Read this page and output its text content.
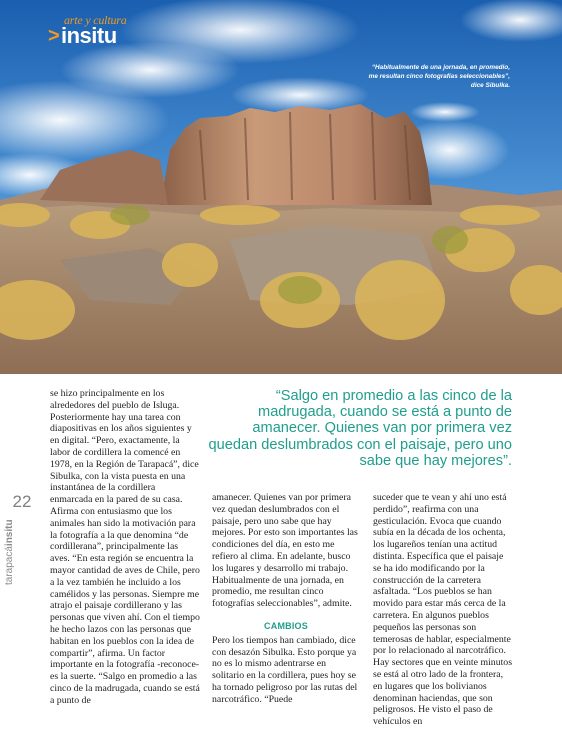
>
arte y cultura
insitu
“Habitualmente de una jornada, en promedio, me resultan cinco fotografías seleccionables”, dice Sibulka.
22
tarapacáinsitu

se hizo principalmente en los alrededores del pueblo de Isluga. Posteriormente hay una tarea con diapositivas en los años siguientes y en digital. “Pero, exactamente, la labor de cordillera la comencé en 1978, en la Región de Tarapacá”, dice Sibulka, con la vista puesta en una instantánea de la cordillera enmarcada en la pared de su casa. Afirma con entusiasmo que los animales han sido la motivación para la fotografía a la que denomina “de cordillerana”, principalmente las aves. “En esta región se encuentra la mayor cantidad de aves de Chile, pero a la vez también he incluido a los camélidos y las personas. Siempre me atrajo el paisaje cordillerano y las personas que viven ahí. Con el tiempo he hecho lazos con las personas que habitan en los pueblos con la idea de compartir”, afirma. Un factor importante en la fotografía -reconoce- es la suerte. “Salgo en promedio a las cinco de la madrugada, cuando se está a punto de

“Salgo en promedio a las cinco de la madrugada, cuando se está a punto de amanecer. Quienes van por primera vez quedan deslumbrados con el paisaje, pero uno sabe que hay mejores”.

amanecer. Quienes van por primera vez quedan deslumbrados con el paisaje, pero uno sabe que hay mejores. Por esto son importantes las condiciones del día, en esto me refiero al clima. En adelante, busco los lugares y desarrollo mi trabajo. Habitualmente de una jornada, en promedio, me resultan cinco fotografías seleccionables”, admite.

CAMBIOS

Pero los tiempos han cambiado, dice con desazón Sibulka. Esto porque ya no es lo mismo adentrarse en solitario en la cordillera, pues hoy se ha tornado peligroso por las rutas del narcotráfico. “Puede

suceder que te vean y ahí uno está perdido”, reafirma con una gesticulación. Evoca que cuando subía en la década de los ochenta, los lugareños tenían una actitud distinta. Específica que el paisaje se ha ido modificando por la construcción de la carretera asfaltada. “Los pueblos se han movido para estar más cerca de la carretera. En algunos pueblos pequeños las personas son temerosas de hablar, especialmente por lo relacionado al narcotráfico. Hay sectores que en veinte minutos se está al otro lado de la frontera, en lugares que los bolivianos denominan haciendas, que son peligrosos. He visto el paso de vehículos en
